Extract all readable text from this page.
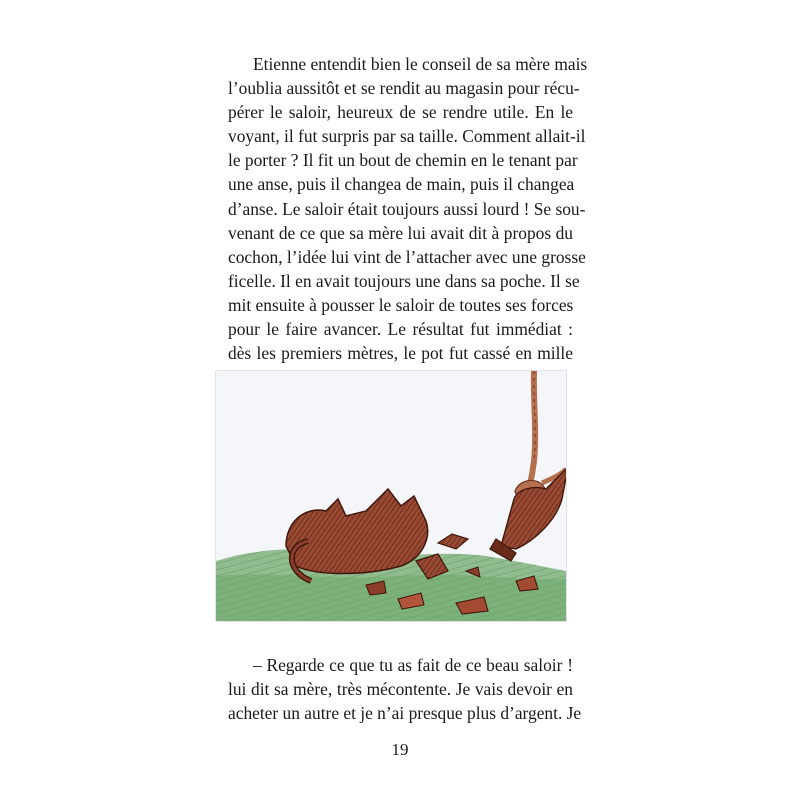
Etienne entendit bien le conseil de sa mère mais
l’oublia aussitôt et se rendit au magasin pour récu-
pérer le saloir, heureux de se rendre utile. En le
voyant, il fut surpris par sa taille. Comment allait-il
le porter ? Il fit un bout de chemin en le tenant par
une anse, puis il changea de main, puis il changea
d’anse. Le saloir était toujours aussi lourd ! Se sou-
venant de ce que sa mère lui avait dit à propos du
cochon, l’idée lui vint de l’attacher avec une grosse
ficelle. Il en avait toujours une dans sa poche. Il se
mit ensuite à pousser le saloir de toutes ses forces
pour le faire avancer. Le résultat fut immédiat :
dès les premiers mètres, le pot fut cassé en mille
– Regarde ce que tu as fait de ce beau saloir !
lui dit sa mère, très mécontente. Je vais devoir en
acheter un autre et je n’ai presque plus d’argent. Je

19
